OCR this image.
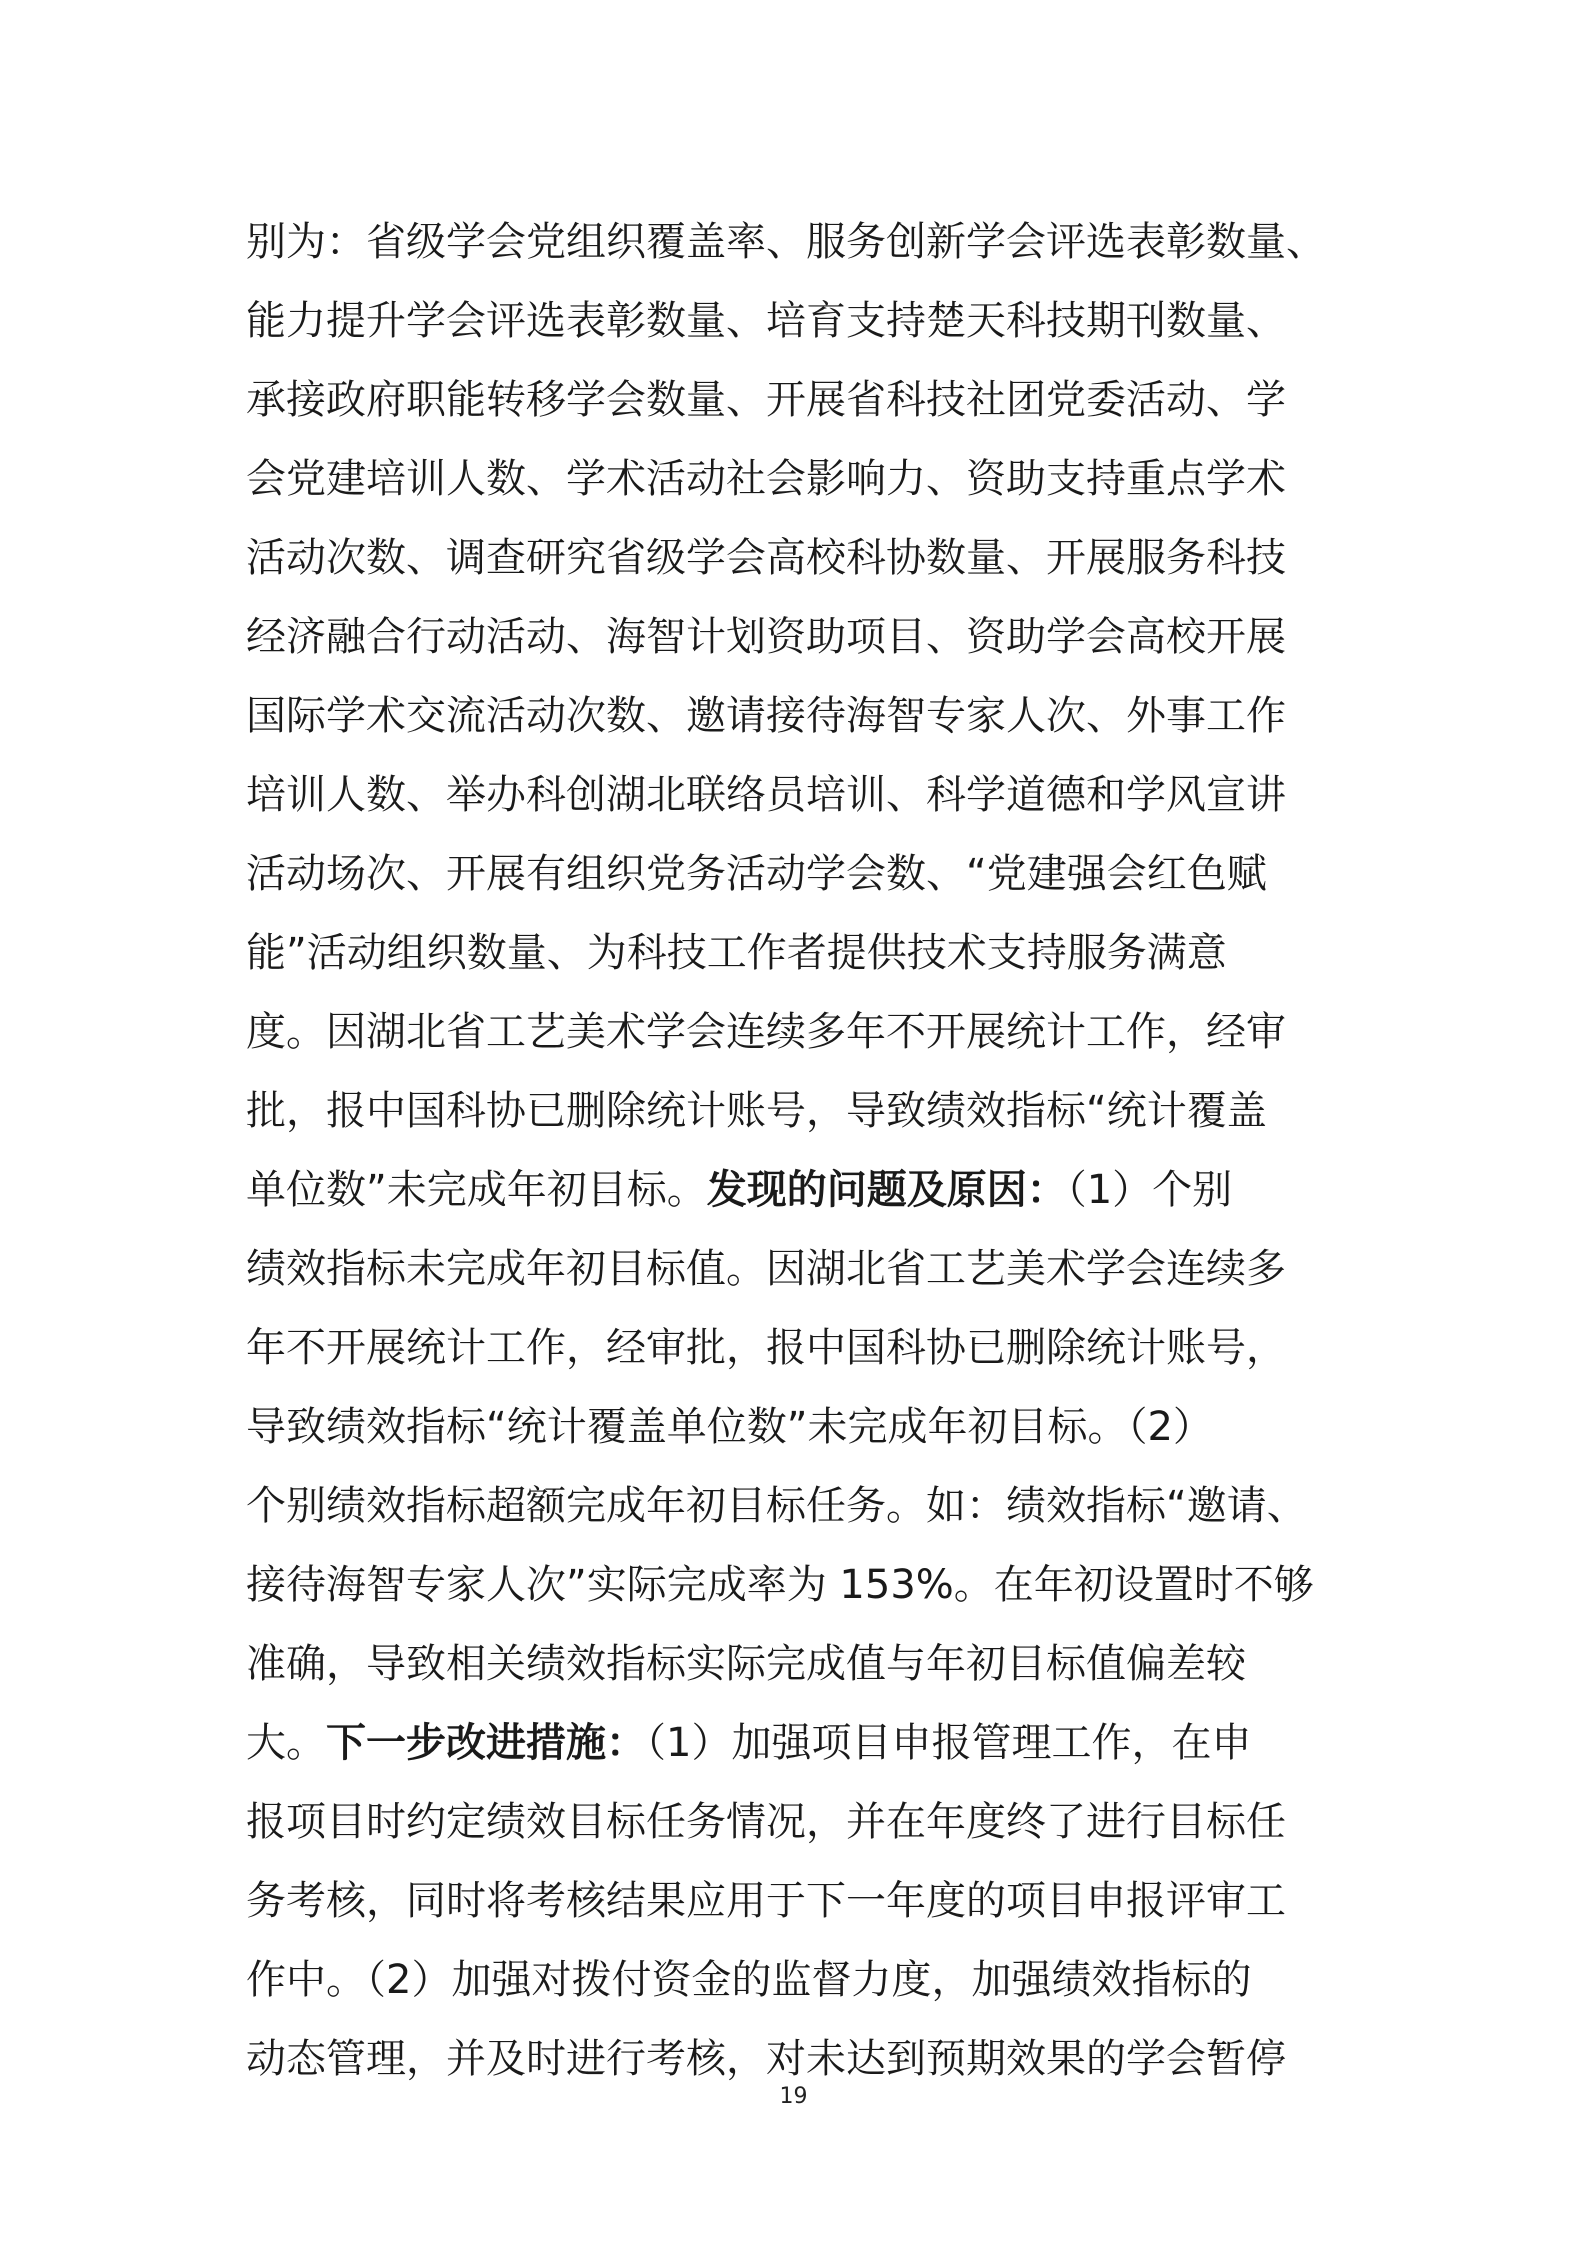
别为：省级学会党组织覆盖率、服务创新学会评选表彰数量、
能力提升学会评选表彰数量、培育支持楚天科技期刊数量、
承接政府职能转移学会数量、开展省科技社团党委活动、学
会党建培训人数、学术活动社会影响力、资助支持重点学术
活动次数、调查研究省级学会高校科协数量、开展服务科技
经济融合行动活动、海智计划资助项目、资助学会高校开展
国际学术交流活动次数、邀请接待海智专家人次、外事工作
培训人数、举办科创湖北联络员培训、科学道德和学风宣讲
活动场次、开展有组织党务活动学会数、“党建强会红色赋
能”活动组织数量、为科技工作者提供技术支持服务满意
度。因湖北省工艺美术学会连续多年不开展统计工作，经审
批，报中国科协已删除统计账号，导致绩效指标“统计覆盖
单位数”未完成年初目标。发现的问题及原因：（1）个别
绩效指标未完成年初目标值。因湖北省工艺美术学会连续多
年不开展统计工作，经审批，报中国科协已删除统计账号，
导致绩效指标“统计覆盖单位数”未完成年初目标。（2）
个别绩效指标超额完成年初目标任务。如：绩效指标“邀请、
接待海智专家人次”实际完成率为 153%。在年初设置时不够
准确，导致相关绩效指标实际完成值与年初目标值偏差较
大。下一步改进措施：（1）加强项目申报管理工作，在申
报项目时约定绩效目标任务情况，并在年度终了进行目标任
务考核，同时将考核结果应用于下一年度的项目申报评审工
作中。（2）加强对拨付资金的监督力度，加强绩效指标的
动态管理，并及时进行考核，对未达到预期效果的学会暂停
19
